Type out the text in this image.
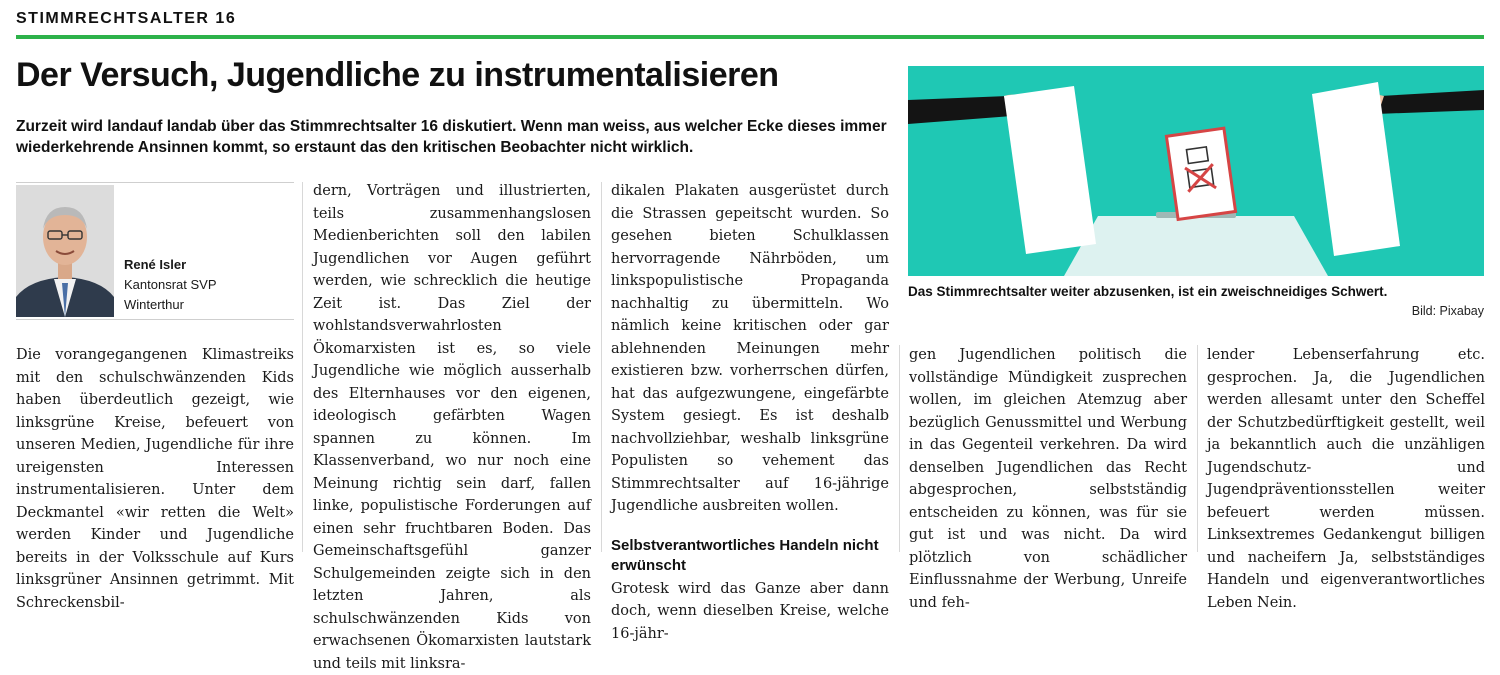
STIMMRECHTSALTER 16
Der Versuch, Jugendliche zu instrumentalisieren
Zurzeit wird landauf landab über das Stimmrechtsalter 16 diskutiert. Wenn man weiss, aus welcher Ecke dieses immer wiederkehrende Ansinnen kommt, so erstaunt das den kritischen Beobachter nicht wirklich.
René Isler
Kantonsrat SVP
Winterthur

Die vorangegangenen Klimastreiks mit den schulschwänzenden Kids haben überdeutlich gezeigt, wie linksgrüne Kreise, befeuert von unseren Medien, Jugendliche für ihre ureigensten Interessen instrumentalisieren. Unter dem Deckmantel «wir retten die Welt» werden Kinder und Jugendliche bereits in der Volksschule auf Kurs linksgrüner Ansinnen getrimmt. Mit Schreckensbil-

dern, Vorträgen und illustrierten, teils zusammenhangslosen Medienberichten soll den labilen Jugendlichen vor Augen geführt werden, wie schrecklich die heutige Zeit ist. Das Ziel der wohlstandsverwahrlosten Ökomarxisten ist es, so viele Jugendliche wie möglich ausserhalb des Elternhauses vor den eigenen, ideologisch gefärbten Wagen spannen zu können. Im Klassenverband, wo nur noch eine Meinung richtig sein darf, fallen linke, populistische Forderungen auf einen sehr fruchtbaren Boden. Das Gemeinschaftsgefühl ganzer Schulgemeinden zeigte sich in den letzten Jahren, als schulschwänzenden Kids von erwachsenen Ökomarxisten lautstark und teils mit linksra-

dikalen Plakaten ausgerüstet durch die Strassen gepeitscht wurden. So gesehen bieten Schulklassen hervorragende Nährböden, um linkspopulistische Propaganda nachhaltig zu übermitteln. Wo nämlich keine kritischen oder gar ablehnenden Meinungen mehr existieren bzw. vorherrschen dürfen, hat das aufgezwungene, eingefärbte System gesiegt. Es ist deshalb nachvollziehbar, weshalb linksgrüne Populisten so vehement das Stimmrechtsalter auf 16-jährige Jugendliche ausbreiten wollen.

Selbstverantwortliches Handeln nicht erwünscht

Grotesk wird das Ganze aber dann doch, wenn dieselben Kreise, welche 16-jähr-

gen Jugendlichen politisch die vollständige Mündigkeit zusprechen wollen, im gleichen Atemzug aber bezüglich Genussmittel und Werbung in das Gegenteil verkehren. Da wird denselben Jugendlichen das Recht abgesprochen, selbstständig entscheiden zu können, was für sie gut ist und was nicht. Da wird plötzlich von schädlicher Einflussnahme der Werbung, Unreife und feh-

lender Lebenserfahrung etc. gesprochen. Ja, die Jugendlichen werden allesamt unter den Scheffel der Schutzbedürftigkeit gestellt, weil ja bekanntlich auch die unzähligen Jugendschutz- und Jugendpräventionsstellen weiter befeuert werden müssen. Linksextremes Gedankengut billigen und nacheifern Ja, selbstständiges Handeln und eigenverantwortliches Leben Nein.

Das Stimmrechtsalter weiter abzusenken, ist ein zweischneidiges Schwert.
Bild: Pixabay
